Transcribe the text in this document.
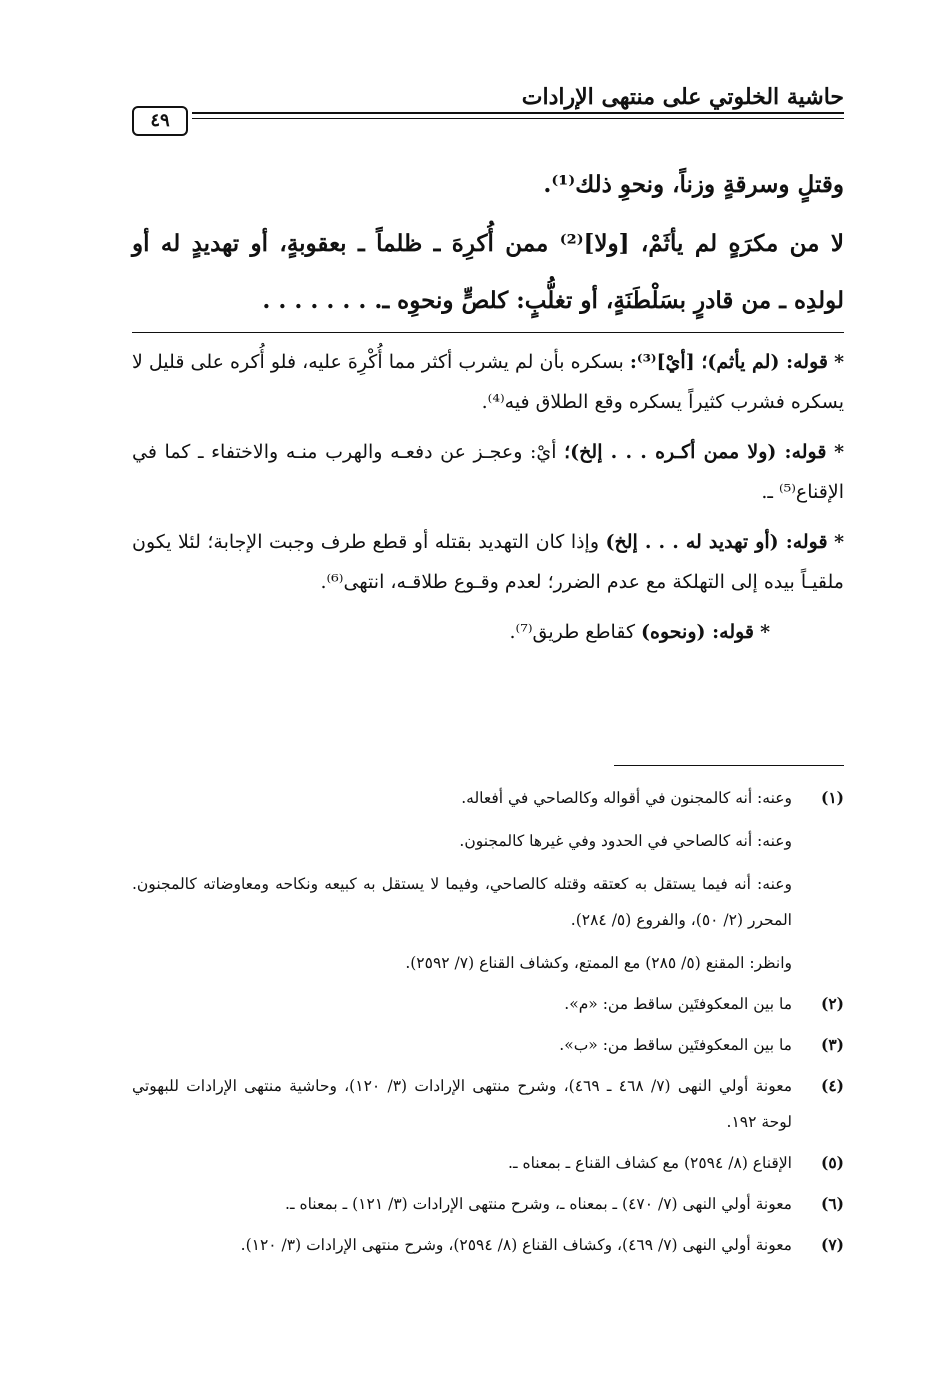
حاشية الخلوتي على منتهى الإرادات
٤٩

وقتلٍ وسرقةٍ وزناً، ونحوِ ذلك⁽¹⁾.

لا من مكرَهٍ لم يأثَمْ، [ولا]⁽²⁾ ممن أُكرِهَ ـ ظلماً ـ بعقوبةٍ، أو تهديدٍ له أو لولدِه ـ من قادرٍ بسَلْطَنَةٍ، أو تغلُّبٍ: كلصٍّ ونحوِه ـ. . . . . . . .

* قوله: (لم يأثم)؛ [أيْ]⁽³⁾: بسكره بأن لم يشرب أكثر مما أُكْرِهَ عليه، فلو أُكره على قليل لا يسكره فشرب كثيراً يسكره وقع الطلاق فيه⁽⁴⁾.

* قوله: (ولا ممن أكـره . . . إلخ)؛ أيْ: وعجـز عن دفعـه والهرب منـه والاختفاء ـ كما في الإقناع⁽⁵⁾ ـ.

* قوله: (أو تهديد له . . . إلخ) وإذا كان التهديد بقتله أو قطع طرف وجبت الإجابة؛ لئلا يكون ملقيـاً بيده إلى التهلكة مع عدم الضرر؛ لعدم وقـوع طلاقـه، انتهى⁽⁶⁾.

* قوله: (ونحوه) كقاطع طريق⁽⁷⁾.

(١)

وعنه: أنه كالمجنون في أقواله وكالصاحي في أفعاله.

وعنه: أنه كالصاحي في الحدود وفي غيرها كالمجنون.

وعنه: أنه فيما يستقل به كعتقه وقتله كالصاحي، وفيما لا يستقل به كبيعه ونكاحه ومعاوضاته كالمجنون. المحرر (٢/ ٥٠)، والفروع (٥/ ٢٨٤).

وانظر: المقنع (٥/ ٢٨٥) مع الممتع، وكشاف القناع (٧/ ٢٥٩٢).

(٢)

ما بين المعكوفتَين ساقط من: «م».

(٣)

ما بين المعكوفتَين ساقط من: «ب».

(٤)

معونة أولي النهى (٧/ ٤٦٨ ـ ٤٦٩)، وشرح منتهى الإرادات (٣/ ١٢٠)، وحاشية منتهى الإرادات للبهوتي لوحة ١٩٢.

(٥)

الإقناع (٨/ ٢٥٩٤) مع كشاف القناع ـ بمعناه ـ.

(٦)

معونة أولي النهى (٧/ ٤٧٠) ـ بمعناه ـ، وشرح منتهى الإرادات (٣/ ١٢١) ـ بمعناه ـ.

(٧)

معونة أولي النهى (٧/ ٤٦٩)، وكشاف القناع (٨/ ٢٥٩٤)، وشرح منتهى الإرادات (٣/ ١٢٠).
